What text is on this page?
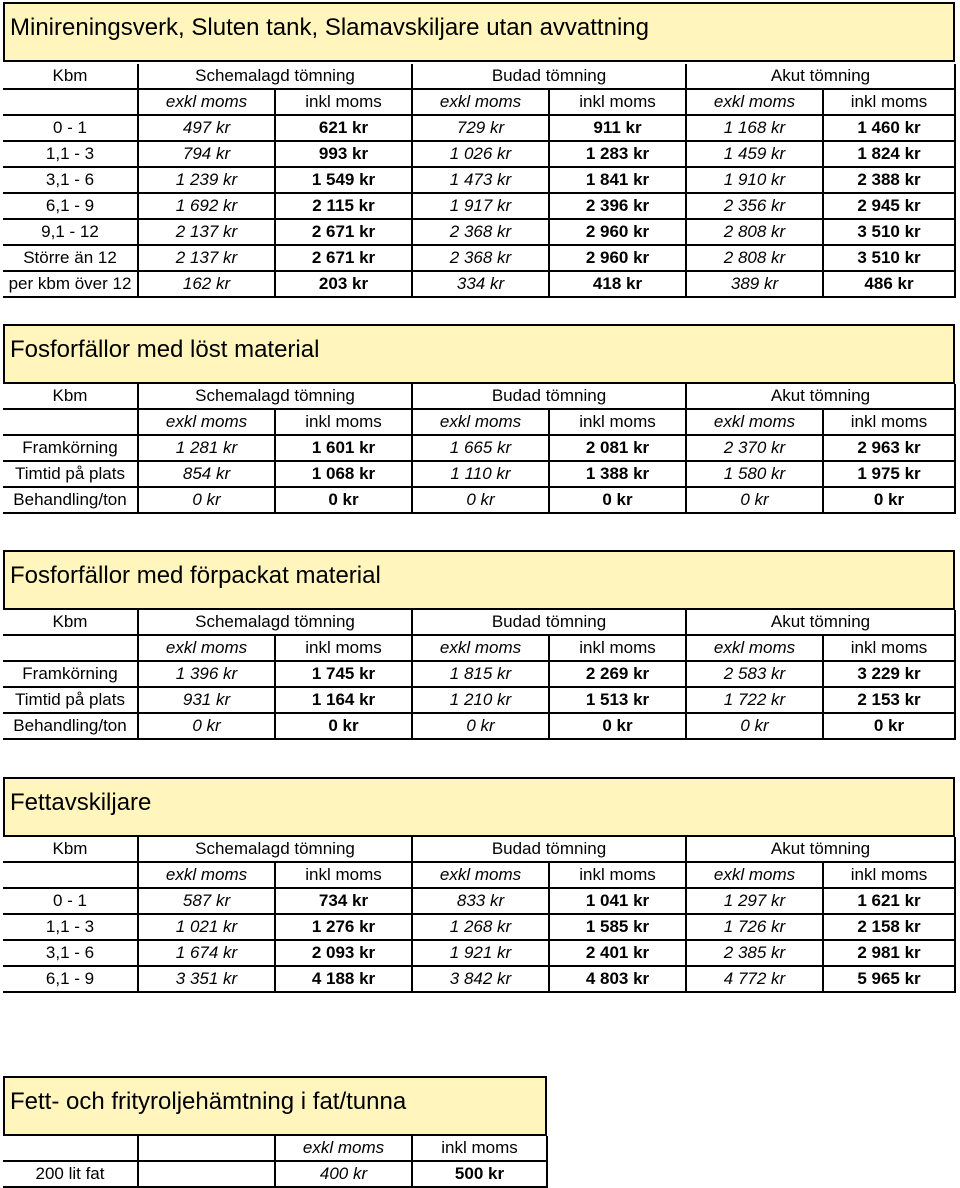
Minireningsverk, Sluten tank, Slamavskiljare utan avvattning
Kbm	Schemalagd tömning		Budad tömning		Akut tömning	
	exkl moms	inkl moms	exkl moms	inkl moms	exkl moms	inkl moms
0 - 1	497 kr	621 kr	729 kr	911 kr	1 168 kr	1 460 kr
1,1 - 3	794 kr	993 kr	1 026 kr	1 283 kr	1 459 kr	1 824 kr
3,1 - 6	1 239 kr	1 549 kr	1 473 kr	1 841 kr	1 910 kr	2 388 kr
6,1 - 9	1 692 kr	2 115 kr	1 917 kr	2 396 kr	2 356 kr	2 945 kr
9,1 - 12	2 137 kr	2 671 kr	2 368 kr	2 960 kr	2 808 kr	3 510 kr
Större än 12	2 137 kr	2 671 kr	2 368 kr	2 960 kr	2 808 kr	3 510 kr
per kbm över 12	162 kr	203 kr	334 kr	418 kr	389 kr	486 kr
Fosforfällor med löst material
Kbm	Schemalagd tömning		Budad tömning		Akut tömning	
	exkl moms	inkl moms	exkl moms	inkl moms	exkl moms	inkl moms
Framkörning	1 281 kr	1 601 kr	1 665 kr	2 081 kr	2 370 kr	2 963 kr
Timtid på plats	854 kr	1 068 kr	1 110 kr	1 388 kr	1 580 kr	1 975 kr
Behandling/ton	0 kr	0 kr	0 kr	0 kr	0 kr	0 kr
Fosforfällor med förpackat material
Kbm	Schemalagd tömning		Budad tömning		Akut tömning	
	exkl moms	inkl moms	exkl moms	inkl moms	exkl moms	inkl moms
Framkörning	1 396 kr	1 745 kr	1 815 kr	2 269 kr	2 583 kr	3 229 kr
Timtid på plats	931 kr	1 164 kr	1 210 kr	1 513 kr	1 722 kr	2 153 kr
Behandling/ton	0 kr	0 kr	0 kr	0 kr	0 kr	0 kr
Fettavskiljare
Kbm	Schemalagd tömning		Budad tömning		Akut tömning	
	exkl moms	inkl moms	exkl moms	inkl moms	exkl moms	inkl moms
0 - 1	587 kr	734 kr	833 kr	1 041 kr	1 297 kr	1 621 kr
1,1 - 3	1 021 kr	1 276 kr	1 268 kr	1 585 kr	1 726 kr	2 158 kr
3,1 - 6	1 674 kr	2 093 kr	1 921 kr	2 401 kr	2 385 kr	2 981 kr
6,1 - 9	3 351 kr	4 188 kr	3 842 kr	4 803 kr	4 772 kr	5 965 kr
Fett- och frityroljehämtning i fat/tunna
		exkl moms	inkl moms
200 lit fat		400 kr	500 kr
